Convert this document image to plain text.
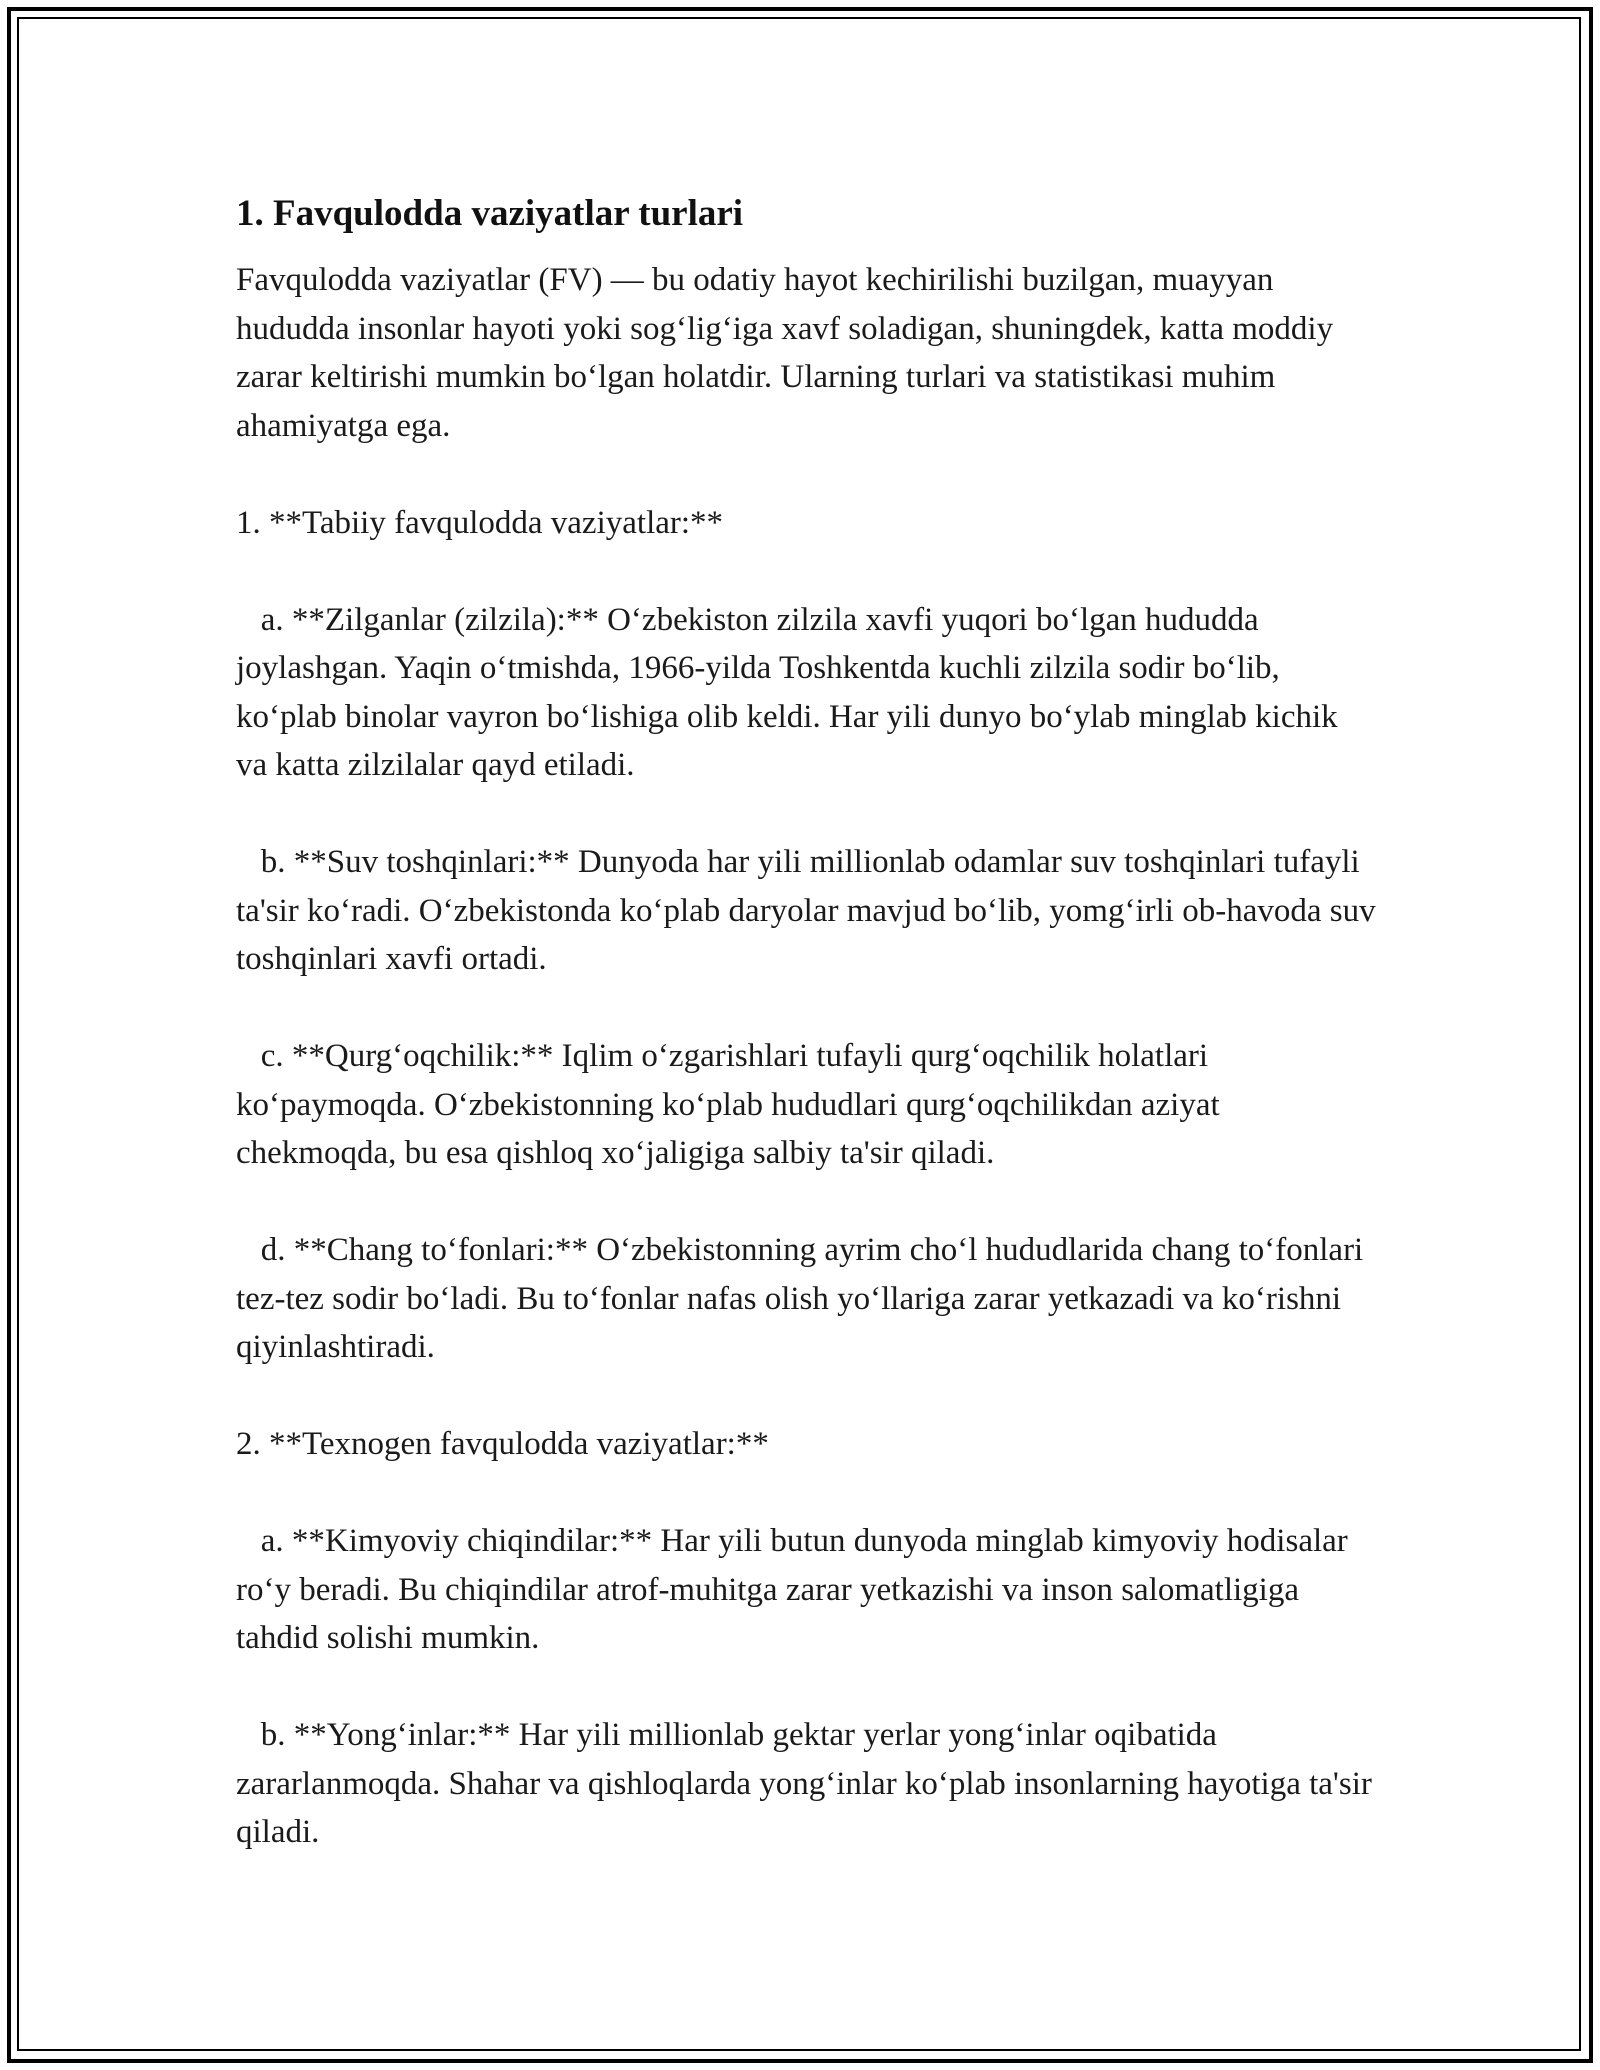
1. Favqulodda vaziyatlar turlari

Favqulodda vaziyatlar (FV) — bu odatiy hayot kechirilishi buzilgan, muayyan hududda insonlar hayoti yoki sog‘lig‘iga xavf soladigan, shuningdek, katta moddiy zarar keltirishi mumkin bo‘lgan holatdir. Ularning turlari va statistikasi muhim ahamiyatga ega.

1. **Tabiiy favqulodda vaziyatlar:**

a. **Zilganlar (zilzila):** O‘zbekiston zilzila xavfi yuqori bo‘lgan hududda joylashgan. Yaqin o‘tmishda, 1966-yilda Toshkentda kuchli zilzila sodir bo‘lib, ko‘plab binolar vayron bo‘lishiga olib keldi. Har yili dunyo bo‘ylab minglab kichik va katta zilzilalar qayd etiladi.

b. **Suv toshqinlari:** Dunyoda har yili millionlab odamlar suv toshqinlari tufayli ta'sir ko‘radi. O‘zbekistonda ko‘plab daryolar mavjud bo‘lib, yomg‘irli ob-havoda suv toshqinlari xavfi ortadi.

c. **Qurg‘oqchilik:** Iqlim o‘zgarishlari tufayli qurg‘oqchilik holatlari ko‘paymoqda. O‘zbekistonning ko‘plab hududlari qurg‘oqchilikdan aziyat chekmoqda, bu esa qishloq xo‘jaligiga salbiy ta'sir qiladi.

d. **Chang to‘fonlari:** O‘zbekistonning ayrim cho‘l hududlarida chang to‘fonlari tez-tez sodir bo‘ladi. Bu to‘fonlar nafas olish yo‘llariga zarar yetkazadi va ko‘rishni qiyinlashtiradi.

2. **Texnogen favqulodda vaziyatlar:**

a. **Kimyoviy chiqindilar:** Har yili butun dunyoda minglab kimyoviy hodisalar ro‘y beradi. Bu chiqindilar atrof-muhitga zarar yetkazishi va inson salomatligiga tahdid solishi mumkin.

b. **Yong‘inlar:** Har yili millionlab gektar yerlar yong‘inlar oqibatida zararlanmoqda. Shahar va qishloqlarda yong‘inlar ko‘plab insonlarning hayotiga ta'sir qiladi.
